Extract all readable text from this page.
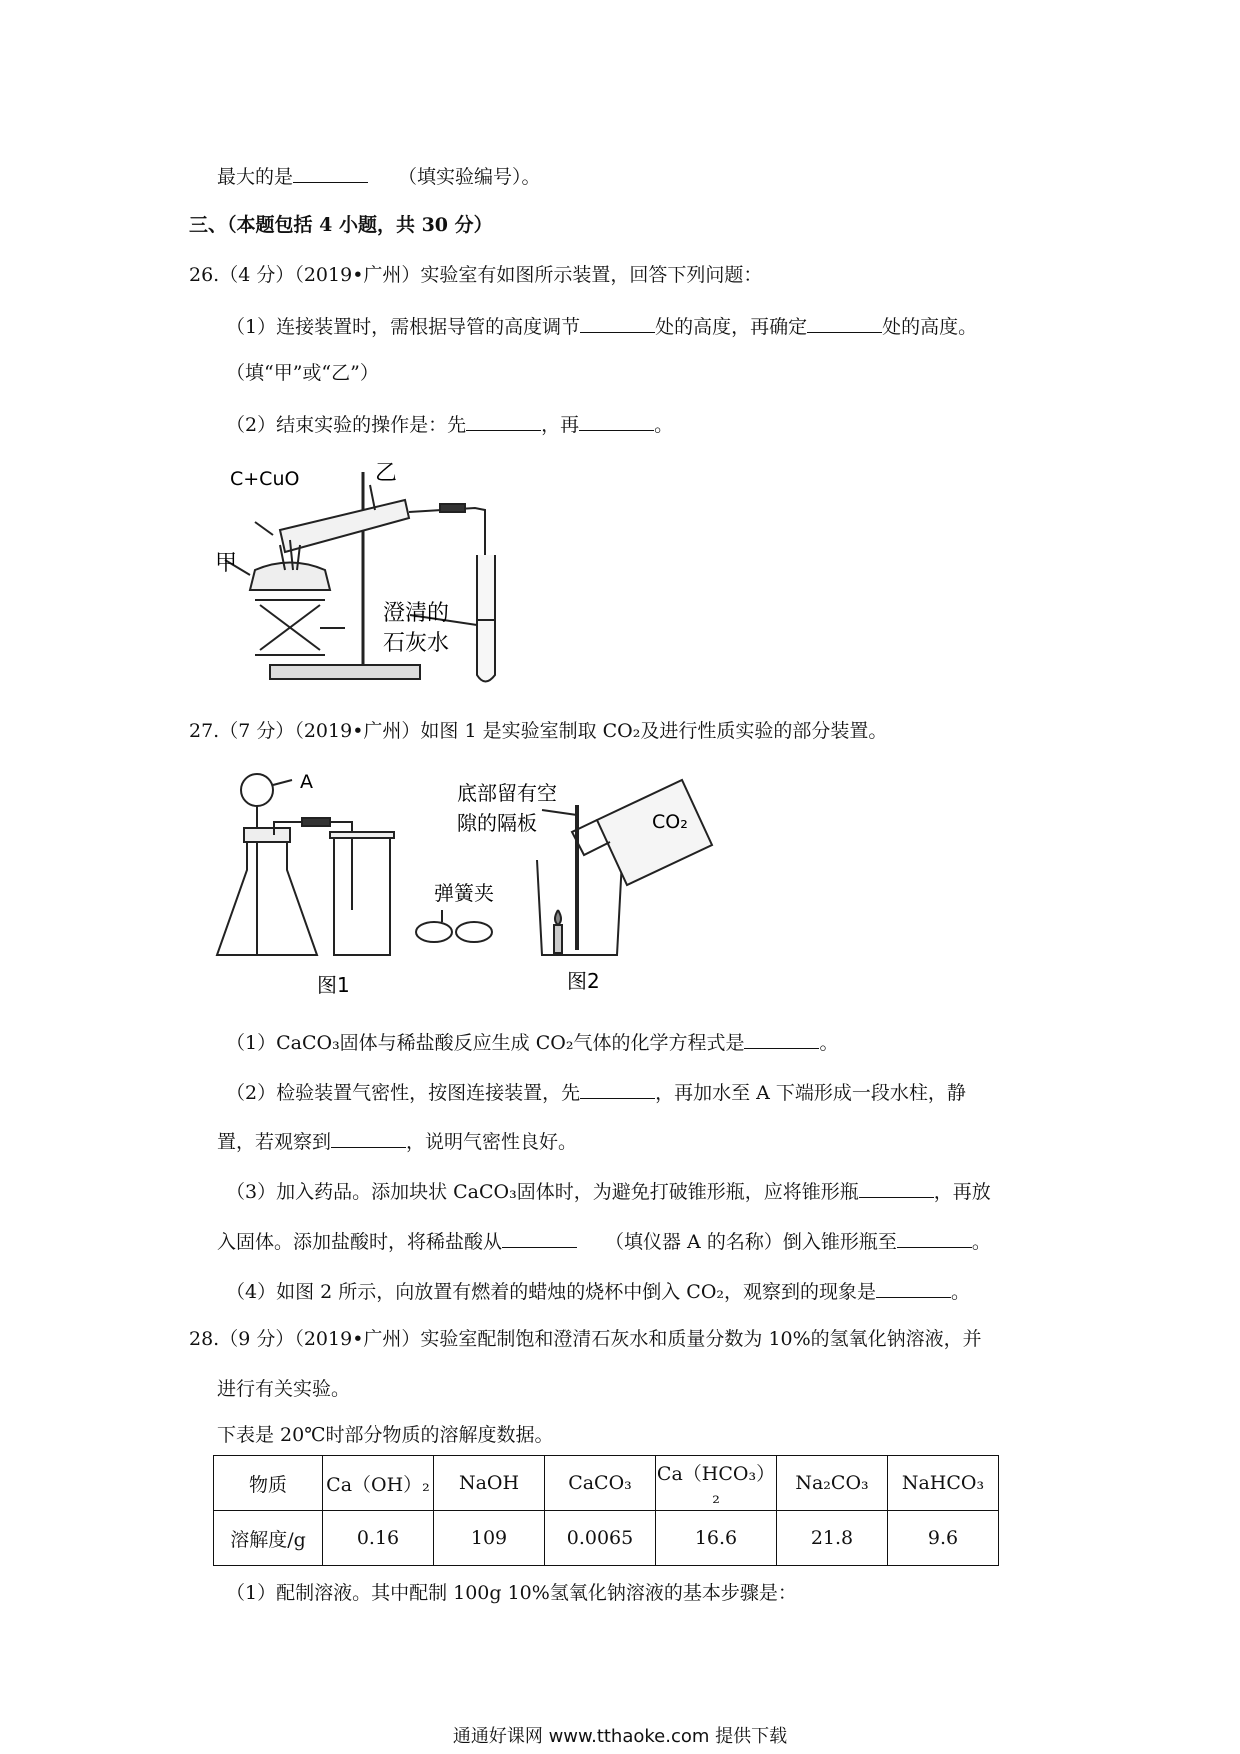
最大的是	（填实验编号）。
三、（本题包括 4 小题，共 30 分）
26.（4 分）（2019•广州）实验室有如图所示装置，回答下列问题：
（1）连接装置时，需根据导管的高度调节	处的高度，再确定	处的高度。
（填“甲”或“乙”）
（2）结束实验的操作是：先	，再	。
C+CuO	乙
甲
澄清的
石灰水
27.（7 分）（2019•广州）如图 1 是实验室制取 CO₂及进行性质实验的部分装置。
A	底部留有空
隙的隔板
弹簧夹
CO₂
图1	图2
（1）CaCO₃固体与稀盐酸反应生成 CO₂气体的化学方程式是	。
（2）检验装置气密性，按图连接装置，先	，再加水至 A 下端形成一段水柱，静
置，若观察到	，说明气密性良好。
（3）加入药品。添加块状 CaCO₃固体时，为避免打破锥形瓶，应将锥形瓶	，再放
入固体。添加盐酸时，将稀盐酸从	（填仪器 A 的名称）倒入锥形瓶至	。
（4）如图 2 所示，向放置有燃着的蜡烛的烧杯中倒入 CO₂，观察到的现象是	。
28.（9 分）（2019•广州）实验室配制饱和澄清石灰水和质量分数为 10%的氢氧化钠溶液，并
进行有关实验。
下表是 20℃时部分物质的溶解度数据。
物质	Ca（OH）₂	NaOH	CaCO₃	Ca（HCO₃）₂	Na₂CO₃	NaHCO₃
溶解度/g	0.16	109	0.0065	16.6	21.8	9.6
（1）配制溶液。其中配制 100g 10%氢氧化钠溶液的基本步骤是：
通通好课网 www.tthaoke.com 提供下载
